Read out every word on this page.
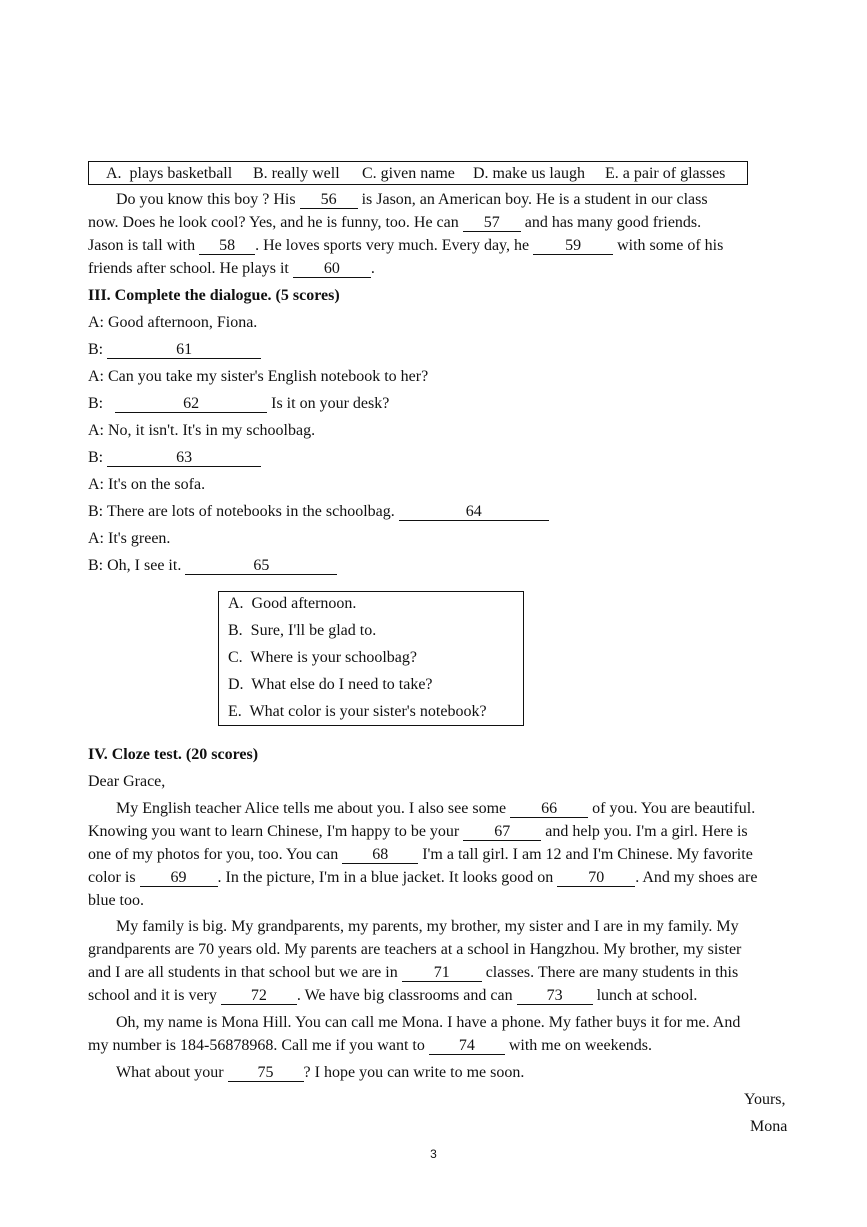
A.  plays basketball B. really well C. given name D. make us laugh E. a pair of glasses
Do you know this boy ? His 56 is Jason, an American boy. He is a student in our class
now. Does he look cool? Yes, and he is funny, too. He can 57 and has many good friends.
Jason is tall with 58 . He loves sports very much. Every day, he 59 with some of his
friends after school. He plays it 60 .
III. Complete the dialogue. (5 scores)
A: Good afternoon, Fiona.
B:	61
A: Can you take my sister's English notebook to her?
B:	62	Is it on your desk?
A: No, it isn't. It's in my schoolbag.
B:	63
A: It's on the sofa.
B: There are lots of notebooks in the schoolbag.	64
A: It's green.
B: Oh, I see it.	65
A.  Good afternoon.
B.  Sure, I'll be glad to.
C.  Where is your schoolbag?
D.  What else do I need to take?
E.  What color is your sister's notebook?
IV. Cloze test. (20 scores)
Dear Grace,
My English teacher Alice tells me about you. I also see some 66 of you. You are beautiful.
Knowing you want to learn Chinese, I'm happy to be your 67 and help you. I'm a girl. Here is
one of my photos for you, too. You can 68 I'm a tall girl. I am 12 and I'm Chinese. My favorite
color is 69 . In the picture, I'm in a blue jacket. It looks good on 70 . And my shoes are
blue too.
My family is big. My grandparents, my parents, my brother, my sister and I are in my family. My
grandparents are 70 years old. My parents are teachers at a school in Hangzhou. My brother, my sister
and I are all students in that school but we are in 71 classes. There are many students in this
school and it is very 72 . We have big classrooms and can 73 lunch at school.
Oh, my name is Mona Hill. You can call me Mona. I have a phone. My father buys it for me. And
my number is 184-56878968. Call me if you want to 74 with me on weekends.
What about your 75 ? I hope you can write to me soon.
Yours,
Mona
3
